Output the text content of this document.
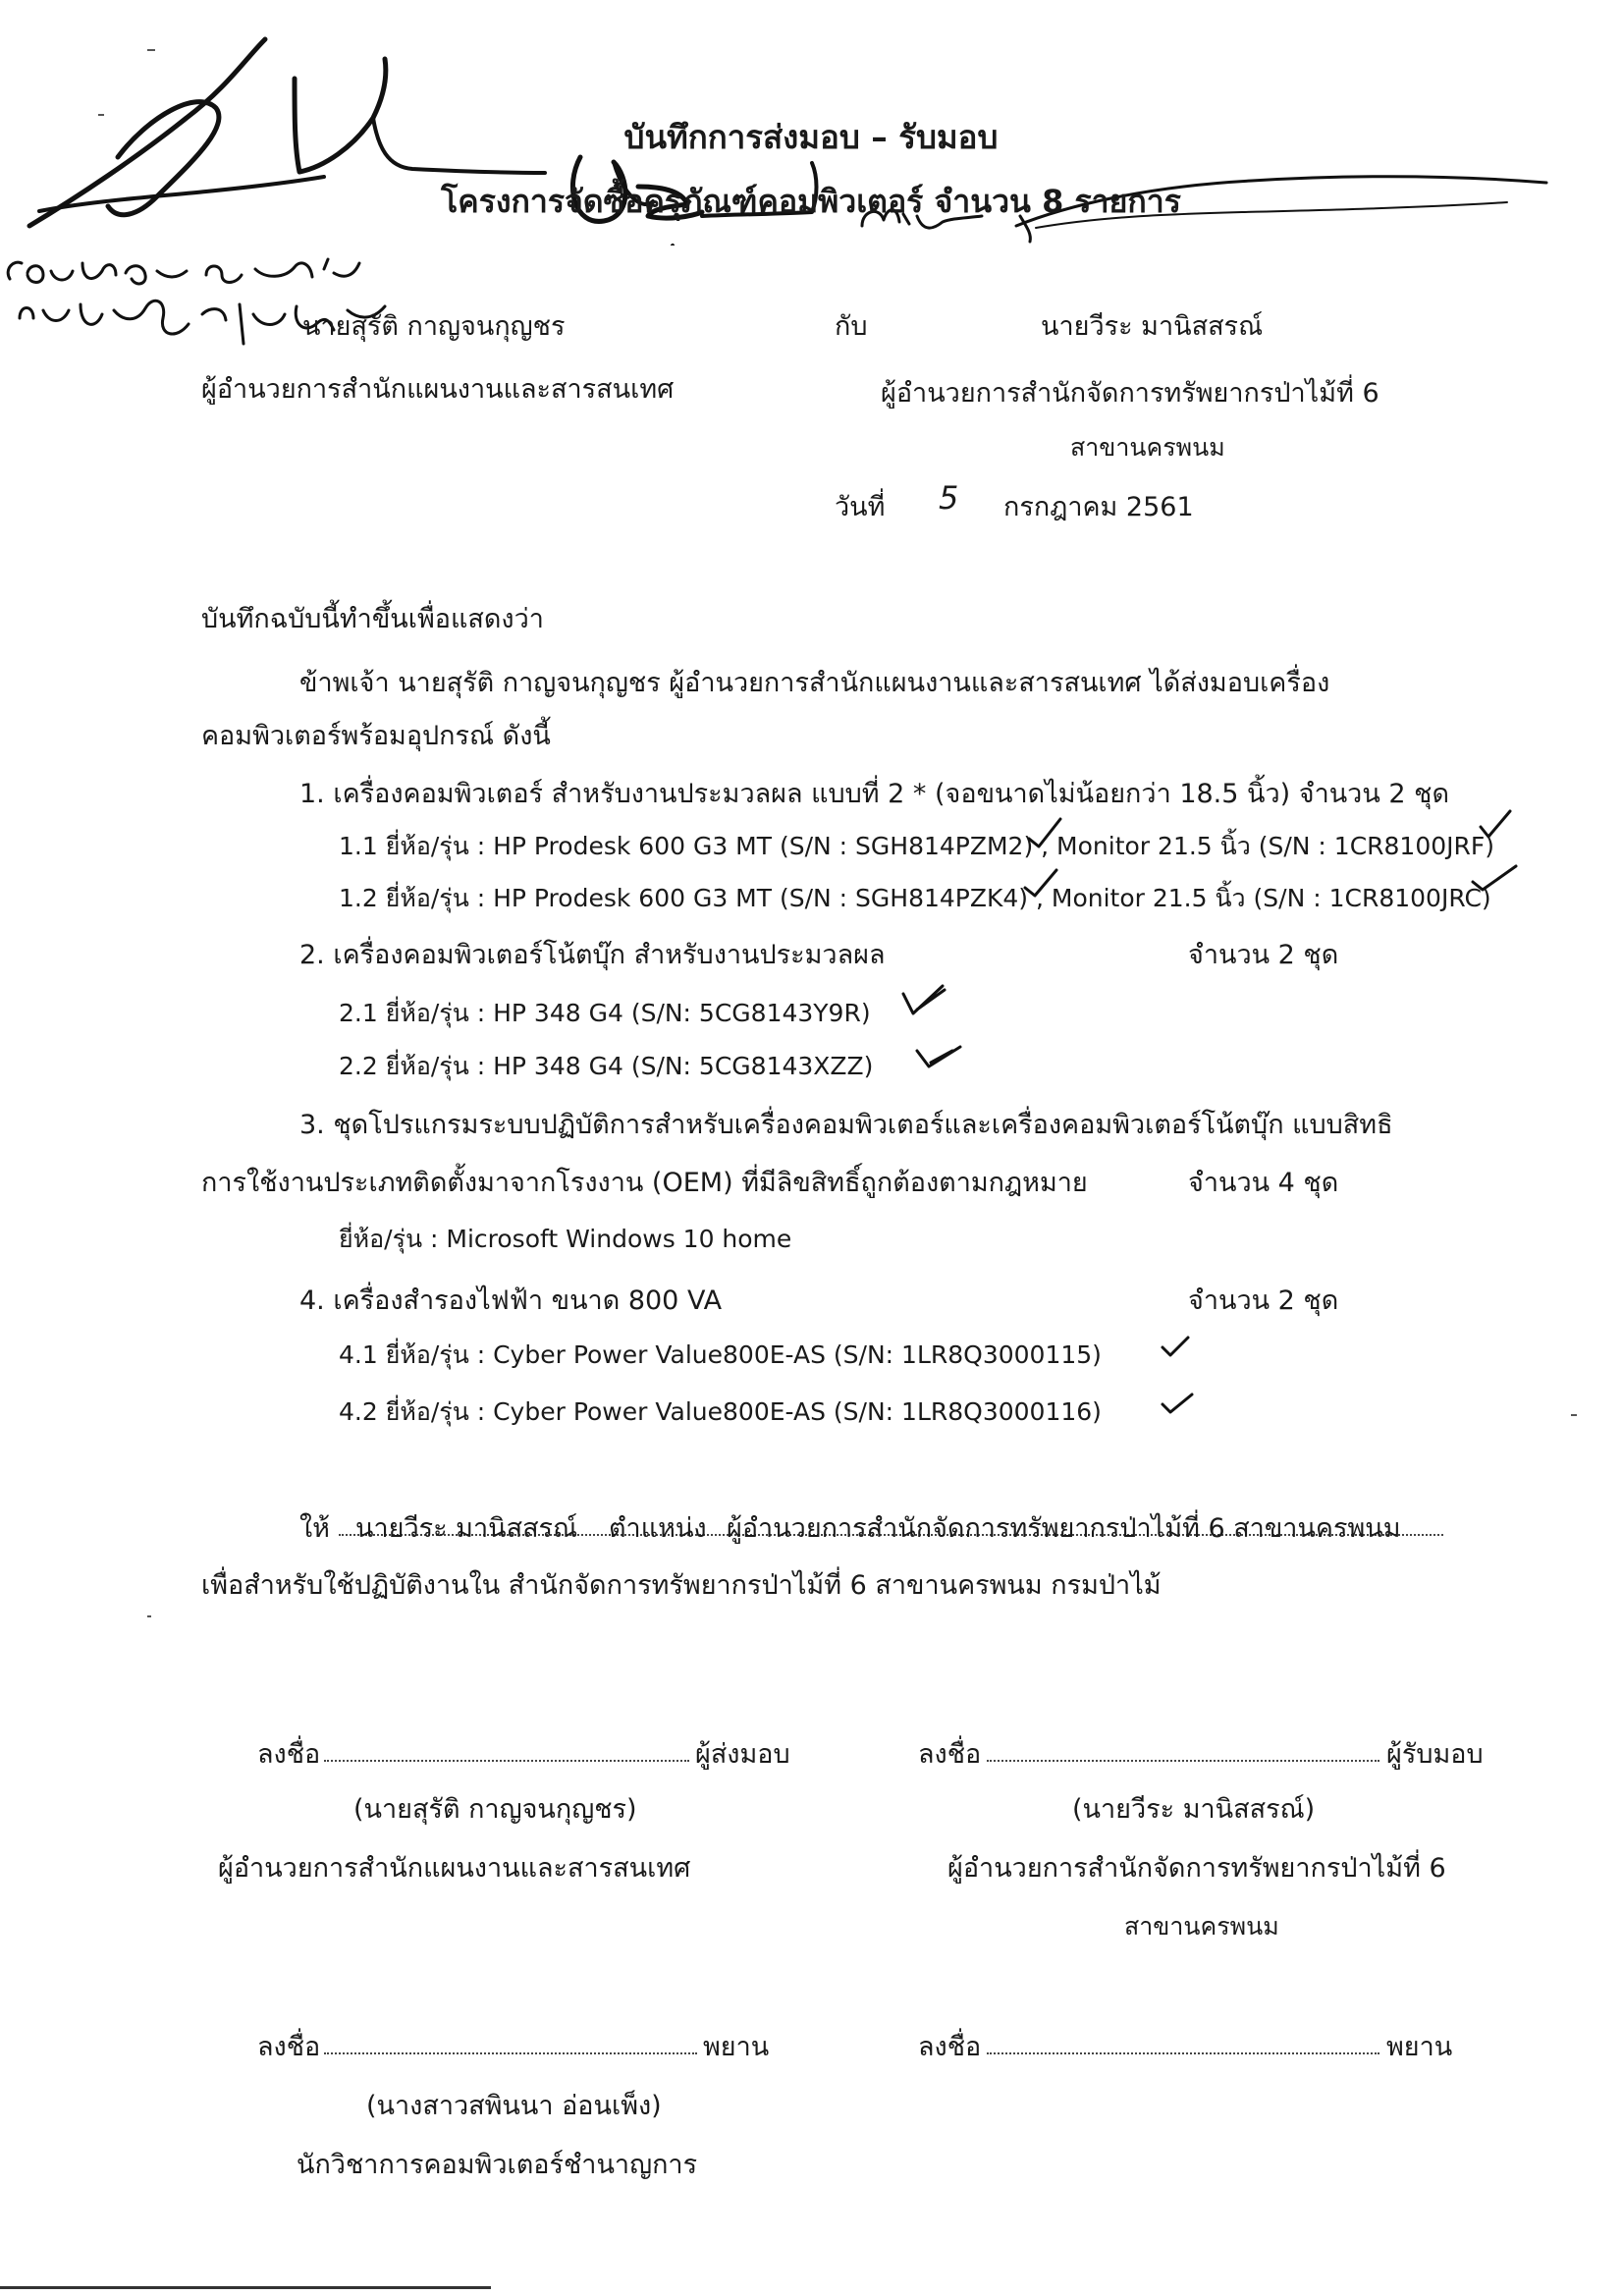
บันทึกการส่งมอบ – รับมอบ
โครงการจัดซื้อครุภัณฑ์คอมพิวเตอร์ จำนวน 8 รายการ
นายสุรัติ กาญจนกุญชร	กับ	นายวีระ มานิสสรณ์
ผู้อำนวยการสำนักแผนงานและสารสนเทศ	ผู้อำนวยการสำนักจัดการทรัพยากรป่าไม้ที่ 6
สาขานครพนม
วันที่ 5 กรกฎาคม 2561
บันทึกฉบับนี้ทำขึ้นเพื่อแสดงว่า
ข้าพเจ้า นายสุรัติ กาญจนกุญชร ผู้อำนวยการสำนักแผนงานและสารสนเทศ ได้ส่งมอบเครื่อง
คอมพิวเตอร์พร้อมอุปกรณ์ ดังนี้
1. เครื่องคอมพิวเตอร์ สำหรับงานประมวลผล แบบที่ 2 * (จอขนาดไม่น้อยกว่า 18.5 นิ้ว) จำนวน 2 ชุด
1.1 ยี่ห้อ/รุ่น : HP Prodesk 600 G3 MT (S/N : SGH814PZM2) , Monitor 21.5 นิ้ว (S/N : 1CR8100JRF)
1.2 ยี่ห้อ/รุ่น : HP Prodesk 600 G3 MT (S/N : SGH814PZK4) , Monitor 21.5 นิ้ว (S/N : 1CR8100JRC)
2. เครื่องคอมพิวเตอร์โน้ตบุ๊ก สำหรับงานประมวลผล	จำนวน 2 ชุด
2.1 ยี่ห้อ/รุ่น : HP 348 G4 (S/N: 5CG8143Y9R)
2.2 ยี่ห้อ/รุ่น : HP 348 G4 (S/N: 5CG8143XZZ)
3. ชุดโปรแกรมระบบปฏิบัติการสำหรับเครื่องคอมพิวเตอร์และเครื่องคอมพิวเตอร์โน้ตบุ๊ก แบบสิทธิ
การใช้งานประเภทติดตั้งมาจากโรงงาน (OEM) ที่มีลิขสิทธิ์ถูกต้องตามกฎหมาย	จำนวน 4 ชุด
ยี่ห้อ/รุ่น : Microsoft Windows 10 home
4. เครื่องสำรองไฟฟ้า ขนาด 800 VA	จำนวน 2 ชุด
4.1 ยี่ห้อ/รุ่น : Cyber Power Value800E-AS (S/N: 1LR8Q3000115)
4.2 ยี่ห้อ/รุ่น : Cyber Power Value800E-AS (S/N: 1LR8Q3000116)
ให้ นายวีระ มานิสสรณ์ ตำแหน่ง ผู้อำนวยการสำนักจัดการทรัพยากรป่าไม้ที่ 6 สาขานครพนม
เพื่อสำหรับใช้ปฏิบัติงานใน สำนักจัดการทรัพยากรป่าไม้ที่ 6 สาขานครพนม กรมป่าไม้
ลงชื่อ	ผู้ส่งมอบ
(นายสุรัติ กาญจนกุญชร)
ผู้อำนวยการสำนักแผนงานและสารสนเทศ

ลงชื่อ	ผู้รับมอบ
(นายวีระ มานิสสรณ์)
ผู้อำนวยการสำนักจัดการทรัพยากรป่าไม้ที่ 6
สาขานครพนม

ลงชื่อ	พยาน
(นางสาวสพินนา อ่อนเพ็ง)
นักวิชาการคอมพิวเตอร์ชำนาญการ

ลงชื่อ	พยาน
